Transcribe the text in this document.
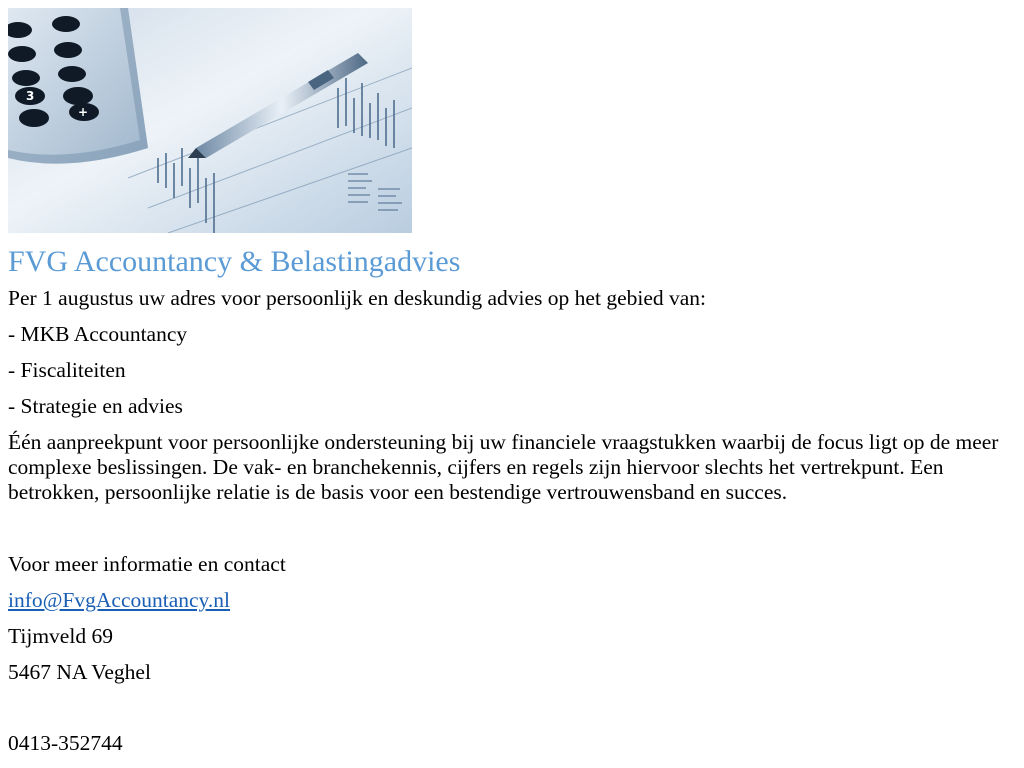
3
+
FVG Accountancy & Belastingadvies

Per 1 augustus uw adres voor persoonlijk en deskundig advies op het gebied van:

- MKB Accountancy

- Fiscaliteiten

- Strategie en advies

Één aanpreekpunt voor persoonlijke ondersteuning bij uw financiele vraagstukken waarbij de focus ligt op de meer complexe beslissingen. De vak- en branchekennis, cijfers en regels zijn hiervoor slechts het vertrekpunt. Een betrokken, persoonlijke relatie is de basis voor een bestendige vertrouwensband en succes.

Voor meer informatie en contact

info@FvgAccountancy.nl

Tijmveld 69

5467 NA Veghel

0413-352744
